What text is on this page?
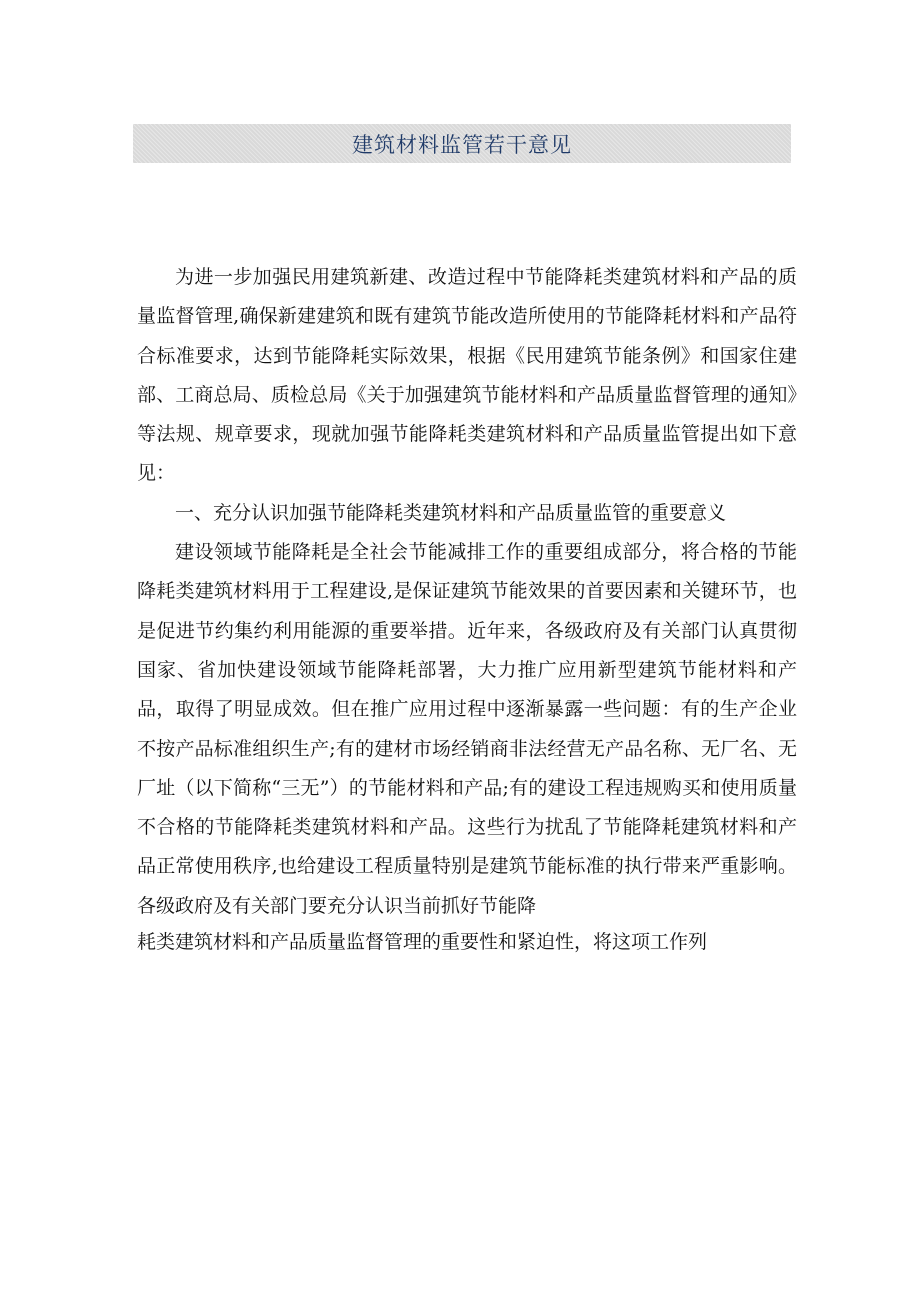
建筑材料监管若干意见

为进一步加强民用建筑新建、改造过程中节能降耗类建筑材料和产品的质量监督管理,确保新建建筑和既有建筑节能改造所使用的节能降耗材料和产品符合标准要求，达到节能降耗实际效果，根据《民用建筑节能条例》和国家住建部、工商总局、质检总局《关于加强建筑节能材料和产品质量监督管理的通知》等法规、规章要求，现就加强节能降耗类建筑材料和产品质量监管提出如下意见：

一、充分认识加强节能降耗类建筑材料和产品质量监管的重要意义

建设领域节能降耗是全社会节能减排工作的重要组成部分，将合格的节能降耗类建筑材料用于工程建设,是保证建筑节能效果的首要因素和关键环节，也是促进节约集约利用能源的重要举措。近年来，各级政府及有关部门认真贯彻国家、省加快建设领域节能降耗部署，大力推广应用新型建筑节能材料和产品，取得了明显成效。但在推广应用过程中逐渐暴露一些问题：有的生产企业不按产品标准组织生产;有的建材市场经销商非法经营无产品名称、无厂名、无厂址（以下简称“三无”）的节能材料和产品;有的建设工程违规购买和使用质量不合格的节能降耗类建筑材料和产品。这些行为扰乱了节能降耗建筑材料和产品正常使用秩序,也给建设工程质量特别是建筑节能标准的执行带来严重影响。各级政府及有关部门要充分认识当前抓好节能降

耗类建筑材料和产品质量监督管理的重要性和紧迫性，将这项工作列
